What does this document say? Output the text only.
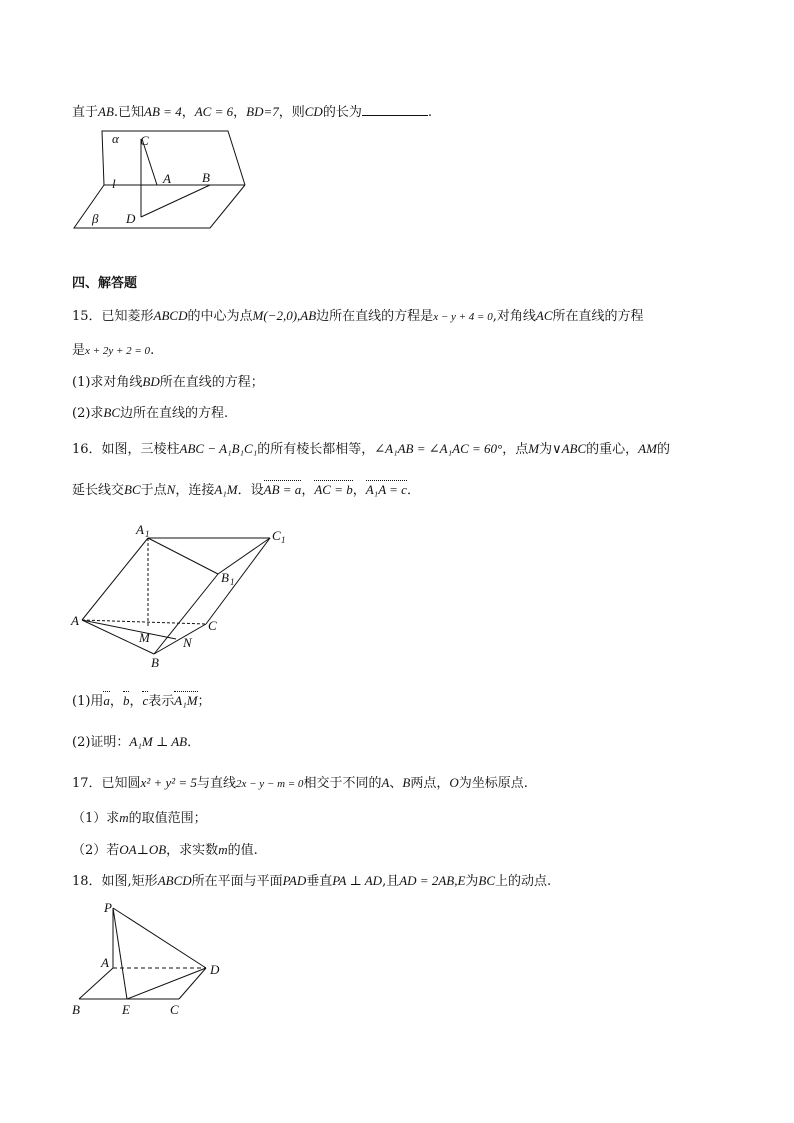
直于AB.已知AB = 4，AC = 6，BD=7，则CD的长为	.
α C
A B
l
β D
四、解答题
15．已知菱形ABCD的中心为点M(−2,0),AB边所在直线的方程是x − y + 4 = 0,对角线AC所在直线的方程
是x + 2y + 2 = 0.
(1)求对角线BD所在直线的方程；
(2)求BC边所在直线的方程.
16．如图，三棱柱ABC − A₁B₁C₁的所有棱长都相等，∠A₁AB = ∠A₁AC = 60°，点M为∨ABC的重心，AM的
延长线交BC于点N，连接A₁M．设AB = a，AC = b，A₁A = c．
A 1	C 1
B 1
A	C
M	N
B
(1)用a，b，c表示A₁M；
(2)证明：A₁M ⊥ AB．
17．已知圆x² + y² = 5与直线2x − y − m = 0相交于不同的A、B两点，O为坐标原点.
（1）求m的取值范围；
（2）若OA⊥OB，求实数m的值.
18．如图,矩形ABCD所在平面与平面PAD垂直PA ⊥ AD,且AD = 2AB,E为BC上的动点.
P
A	D
B	E	C
